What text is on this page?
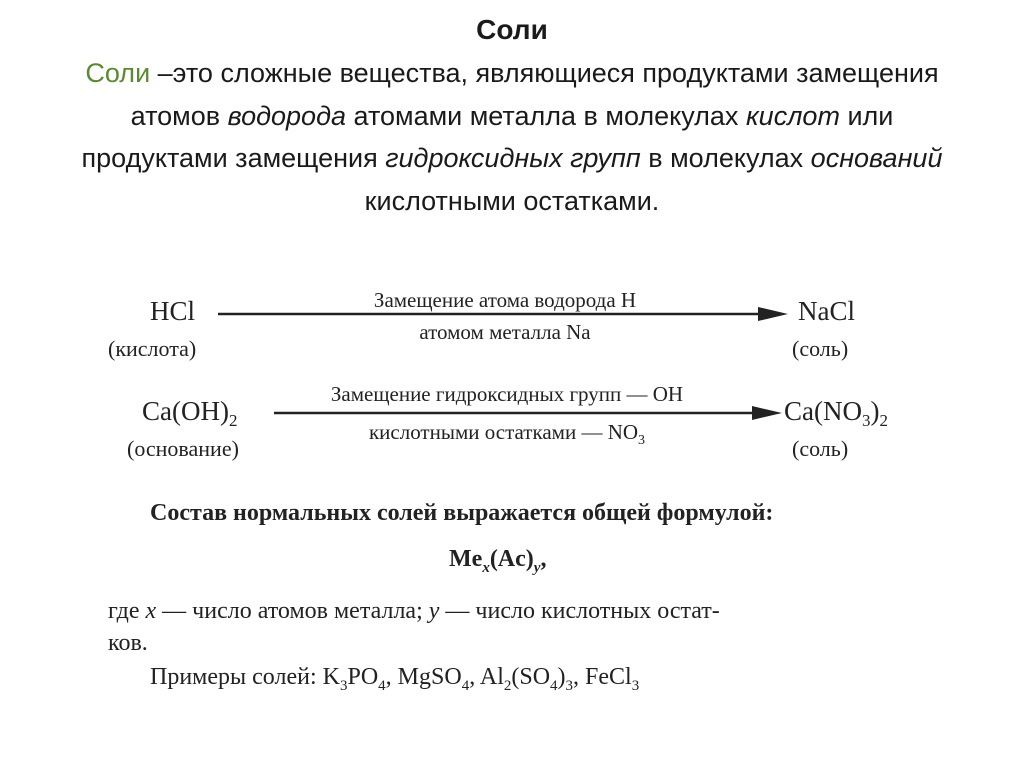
Соли
Соли –это сложные вещества, являющиеся продуктами замещения атомов водорода атомами металла в молекулах кислот или продуктами замещения гидроксидных групп в молекулах оснований кислотными остатками.
HCl
(кислота)
Замещение атома водорода H
атомом металла Na
NaCl
(соль)
$Ca(OH)_2$
(основание)
Замещение гидроксидных групп — OH
кислотными остатками — $NO_3$
$Ca(NO_3)_2$
(соль)
Состав нормальных солей выражается общей формулой:
$Me_x(Ac)_y$,
где x — число атомов металла; y — число кислотных остат-
ков.
Примеры солей: $K_3PO_4$, MgSO$_4$, $Al_2(SO_4)_3$, FeCl$_3$
